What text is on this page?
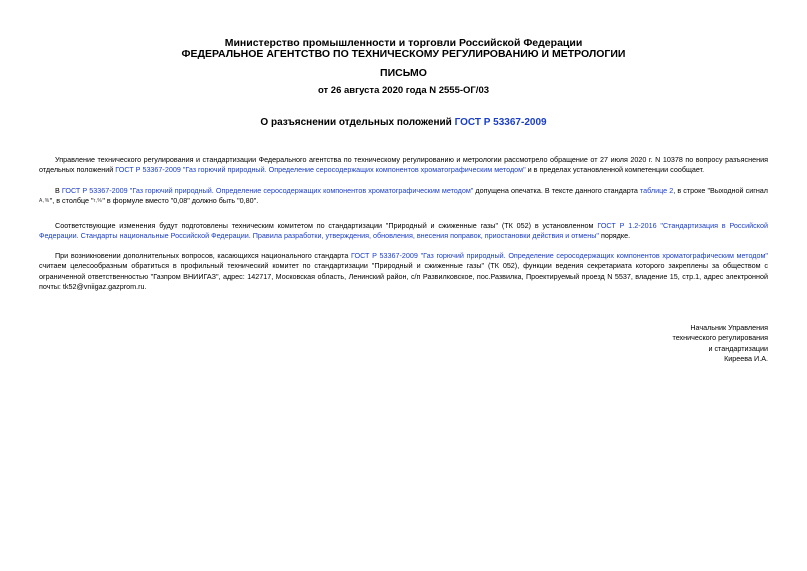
Министерство промышленности и торговли Российской Федерации
ФЕДЕРАЛЬНОЕ АГЕНТСТВО ПО ТЕХНИЧЕСКОМУ РЕГУЛИРОВАНИЮ И МЕТРОЛОГИИ
ПИСЬМО
от 26 августа 2020 года N 2555-ОГ/03
О разъяснении отдельных положений ГОСТ Р 53367-2009
Управление технического регулирования и стандартизации Федерального агентства по техническому регулированию и метрологии рассмотрело обращение от 27 июля 2020 г. N 10378 по вопросу разъяснения отдельных положений ГОСТ Р 53367-2009 "Газ горючий природный. Определение серосодержащих компонентов хроматографическим методом" и в пределах установленной компетенции сообщает.
В ГОСТ Р 53367-2009 "Газ горючий природный. Определение серосодержащих компонентов хроматографическим методом" допущена опечатка. В тексте данного стандарта таблице 2, в строке "Выходной сигнал A,%", в столбце "r,%" в формуле вместо "0,08" должно быть "0,80".
Соответствующие изменения будут подготовлены техническим комитетом по стандартизации "Природный и сжиженные газы" (ТК 052) в установленном ГОСТ Р 1.2-2016 "Стандартизация в Российской Федерации. Стандарты национальные Российской Федерации. Правила разработки, утверждения, обновления, внесения поправок, приостановки действия и отмены" порядке.
При возникновении дополнительных вопросов, касающихся национального стандарта ГОСТ Р 53367-2009 "Газ горючий природный. Определение серосодержащих компонентов хроматографическим методом" считаем целесообразным обратиться в профильный технический комитет по стандартизации "Природный и сжиженные газы" (ТК 052), функции ведения секретариата которого закреплены за обществом с ограниченной ответственностью "Газпром ВНИИГАЗ", адрес: 142717, Московская область, Ленинский район, с/п Развилковское, пос.Развилка, Проектируемый проезд N 5537, владение 15, стр.1, адрес электронной почты: tk52@vniigaz.gazprom.ru.
Начальник Управления
технического регулирования
и стандартизации
Киреева И.А.
